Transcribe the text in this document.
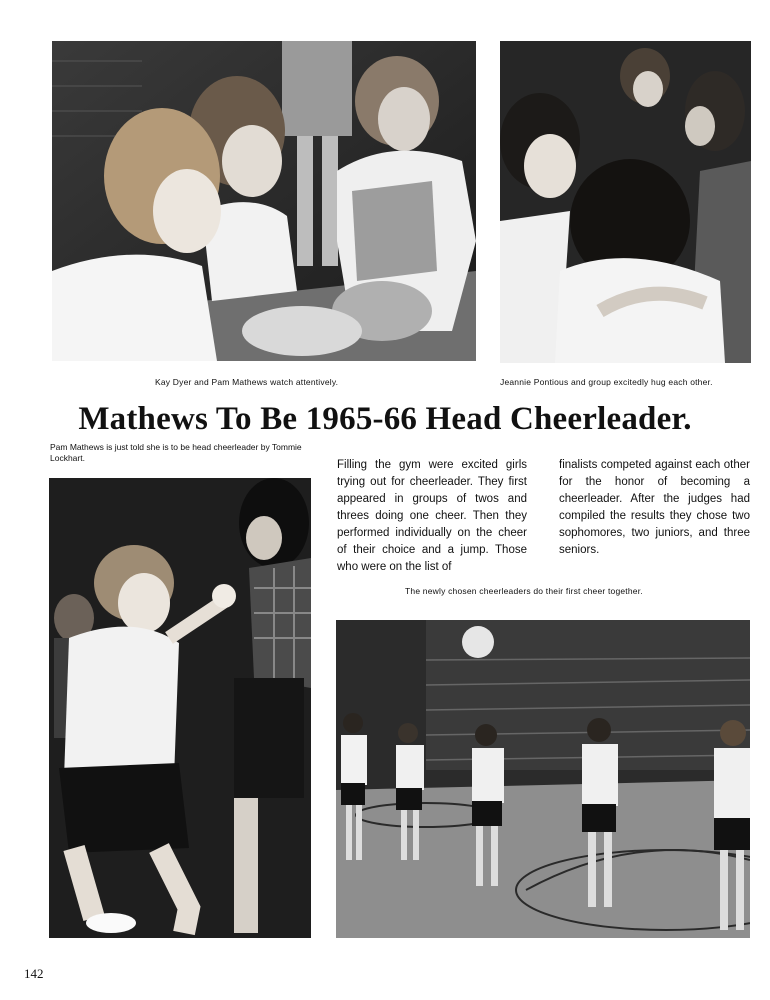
Kay Dyer and Pam Mathews watch attentively.	Jeannie Pontious and group excitedly hug each other.
Mathews To Be 1965-66 Head Cheerleader.
Pam Mathews is just told she is to be head cheerleader by Tommie Lockhart.
Filling the gym were excited girls trying out for cheerleader. They first appeared in groups of twos and threes doing one cheer. Then they performed individually on the cheer of their choice and a jump. Those who were on the list of
finalists competed against each other for the honor of becoming a cheerleader. After the judges had compiled the results they chose two sophomores, two juniors, and three seniors.
The newly chosen cheerleaders do their first cheer together.
142
